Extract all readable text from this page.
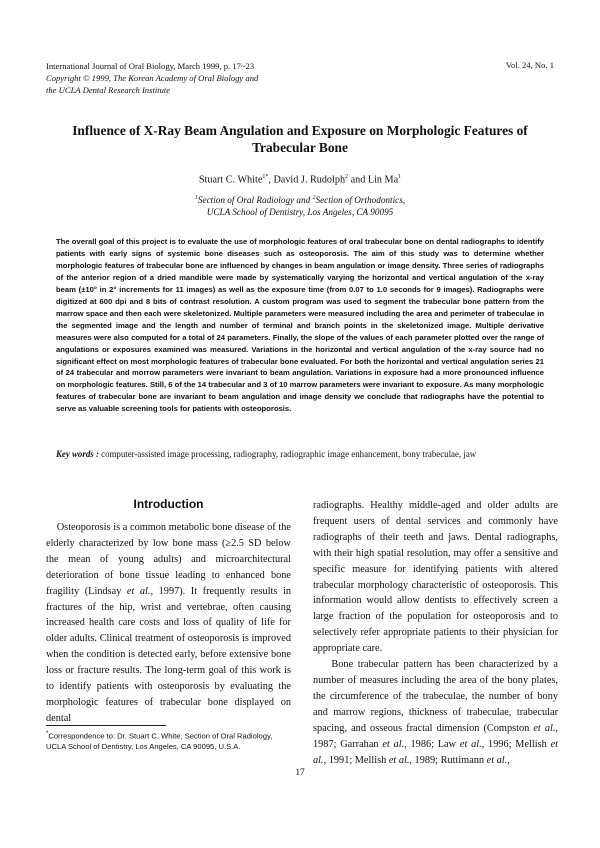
International Journal of Oral Biology, March 1999, p. 17~23
Copyright © 1999, The Korean Academy of Oral Biology and
the UCLA Dental Research Institute
Vol. 24, No. 1
Influence of X-Ray Beam Angulation and Exposure on Morphologic Features of Trabecular Bone
Stuart C. White$^{1*}$, David J. Rudolph$^2$ and Lin Ma$^1$
$^1$Section of Oral Radiology and $^2$Section of Orthodontics,
UCLA School of Dentistry, Los Angeles, CA 90095
The overall goal of this project is to evaluate the use of morphologic features of oral trabecular bone on dental radiographs to identify patients with early signs of systemic bone diseases such as osteoporosis. The aim of this study was to determine whether morphologic features of trabecular bone are influenced by changes in beam angulation or image density. Three series of radiographs of the anterior region of a dried mandible were made by systematically varying the horizontal and vertical angulation of the x-ray beam (±10° in 2° increments for 11 images) as well as the exposure time (from 0.07 to 1.0 seconds for 9 images). Radiographs were digitized at 600 dpi and 8 bits of contrast resolution. A custom program was used to segment the trabecular bone pattern from the marrow space and then each were skeletonized. Multiple parameters were measured including the area and perimeter of trabeculae in the segmented image and the length and number of terminal and branch points in the skeletonized image. Multiple derivative measures were also computed for a total of 24 parameters. Finally, the slope of the values of each parameter plotted over the range of angulations or exposures examined was measured. Variations in the horizontal and vertical angulation of the x-ray source had no significant effect on most morphologic features of trabecular bone evaluated. For both the horizontal and vertical angulation series 21 of 24 trabecular and morrow parameters were invariant to beam angulation. Variations in exposure had a more pronounced influence on morphologic features. Still, 6 of the 14 trabecular and 3 of 10 marrow parameters were invariant to exposure. As many morphologic features of trabecular bone are invariant to beam angulation and image density we conclude that radiographs have the potential to serve as valuable screening tools for patients with osteoporosis.
Key words : computer-assisted image processing, radiography, radiographic image enhancement, bony trabeculae, jaw
Introduction

Osteoporosis is a common metabolic bone disease of the elderly characterized by low bone mass (≥2.5 SD below the mean of young adults) and microarchitectural deterioration of bone tissue leading to enhanced bone fragility (Lindsay et al., 1997). It frequently results in fractures of the hip, wrist and vertebrae, often causing increased health care costs and loss of quality of life for older adults. Clinical treatment of osteoporosis is improved when the condition is detected early, before extensive bone loss or fracture results. The long-term goal of this work is to identify patients with osteoporosis by evaluating the morphologic features of trabecular bone displayed on dental

*Correspondence to: Dr. Stuart C. White, Section of Oral Radiology, UCLA School of Dentistry, Los Angeles, CA 90095, U.S.A.

radiographs. Healthy middle-aged and older adults are frequent users of dental services and commonly have radiographs of their teeth and jaws. Dental radiographs, with their high spatial resolution, may offer a sensitive and specific measure for identifying patients with altered trabecular morphology characteristic of osteoporosis. This information would allow dentists to effectively screen a large fraction of the population for osteoporosis and to selectively refer appropriate patients to their physician for appropriate care.

Bone trabecular pattern has been characterized by a number of measures including the area of the bony plates, the circumference of the trabeculae, the number of bony and marrow regions, thickness of trabeculae, trabecular spacing, and osseous fractal dimension (Compston et al., 1987; Garrahan et al., 1986; Law et al., 1996; Mellish et al., 1991; Mellish et al., 1989; Ruttimann et al.,

17
